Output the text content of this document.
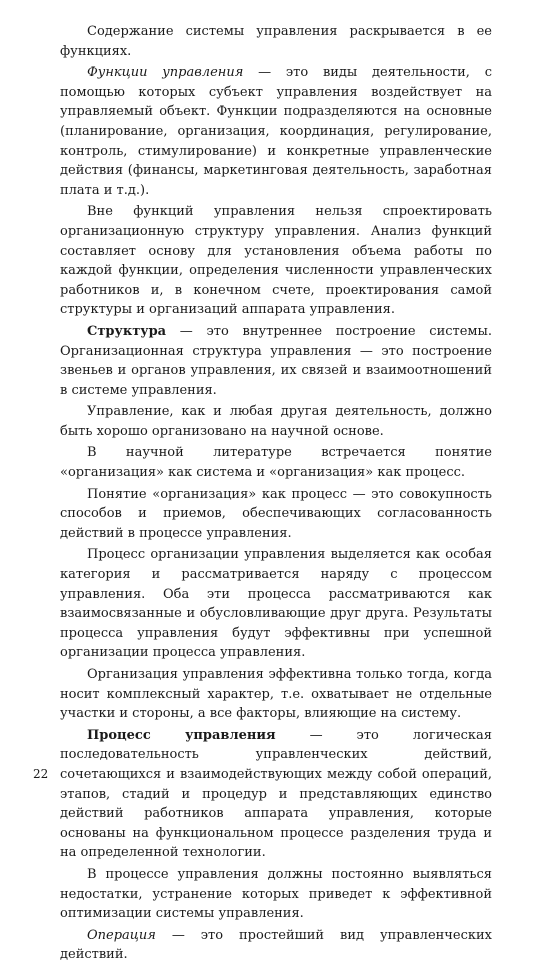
Содержание системы управления раскрывается в ее функциях.

Функции управления — это виды деятельности, с помощью которых субъект управления воздействует на управляемый объект. Функции подразделяются на основные (планирование, организация, координация, регулирование, контроль, стимулирование) и конкретные управленческие действия (финансы, маркетинговая деятельность, заработная плата и т.д.).

Вне функций управления нельзя спроектировать организационную структуру управления. Анализ функций составляет основу для установления объема работы по каждой функции, определения численности управленческих работников и, в конечном счете, проектирования самой структуры и организаций аппарата управления.

Структура — это внутреннее построение системы. Организационная структура управления — это построение звеньев и органов управления, их связей и взаимоотношений в системе управления.

Управление, как и любая другая деятельность, должно быть хорошо организовано на научной основе.

В научной литературе встречается понятие «организация» как система и «организация» как процесс.

Понятие «организация» как процесс — это совокупность способов и приемов, обеспечивающих согласованность действий в процессе управления.

Процесс организации управления выделяется как особая категория и рассматривается наряду с процессом управления. Оба эти процесса рассматриваются как взаимосвязанные и обусловливающие друг друга. Результаты процесса управления будут эффективны при успешной организации процесса управления.

Организация управления эффективна только тогда, когда носит комплексный характер, т.е. охватывает не отдельные участки и стороны, а все факторы, влияющие на систему.

Процесс управления — это логическая последовательность управленческих действий, сочетающихся и взаимодействующих между собой операций, этапов, стадий и процедур и представляющих единство действий работников аппарата управления, которые основаны на функциональном процессе разделения труда и на определенной технологии.

В процессе управления должны постоянно выявляться недостатки, устранение которых приведет к эффективной оптимизации системы управления.

Операция — это простейший вид управленческих действий.

22
